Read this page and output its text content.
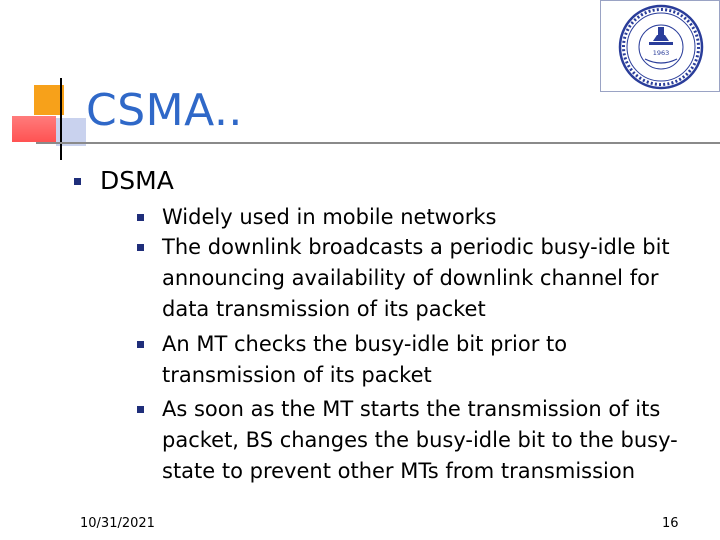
CSMA..
1963

DSMA

Widely used in mobile networks

The downlink broadcasts a periodic busy-idle bit announcing availability of downlink channel for data transmission of its packet

An MT checks the busy-idle bit prior to transmission of its packet

As soon as the MT starts the transmission of its packet, BS changes the busy-idle bit to the busy-state to prevent other MTs from transmission

10/31/2021	16
